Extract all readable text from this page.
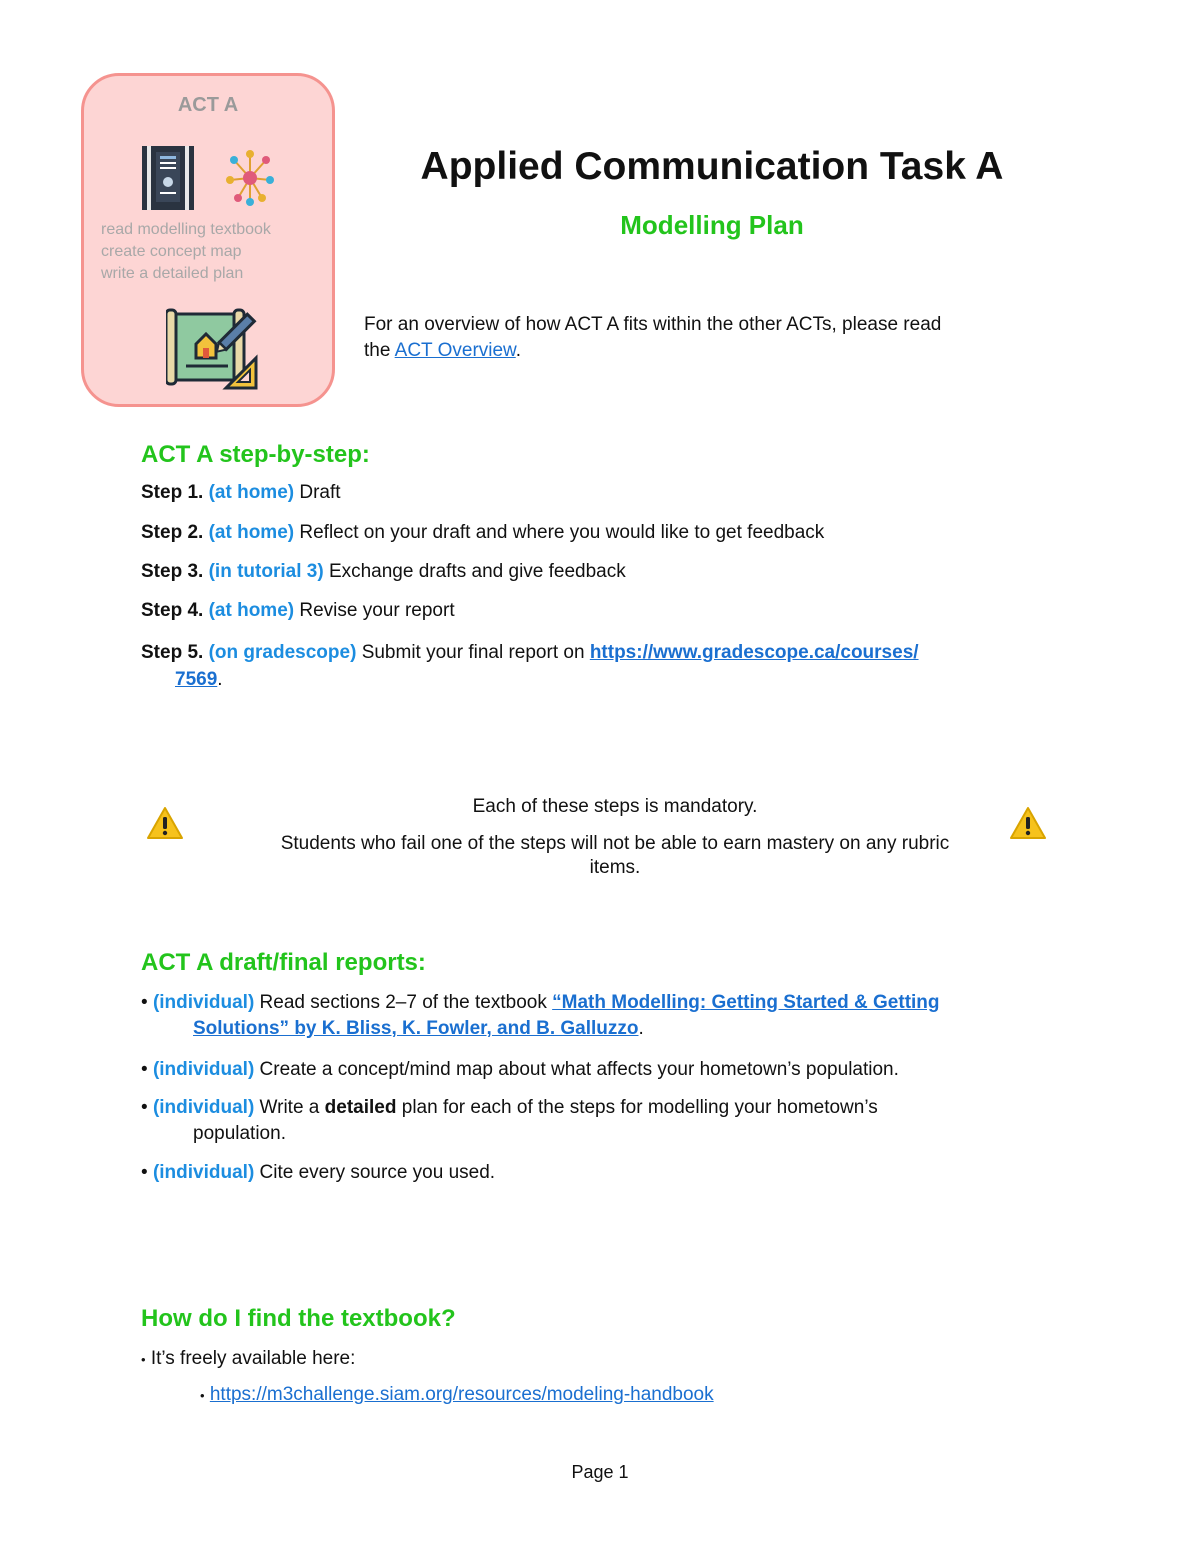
ACT A
read modelling textbook
create concept map
write a detailed plan
Applied Communication Task A
Modelling Plan
For an overview of how ACT A fits within the other ACTs, please read
the ACT Overview.
ACT A step-by-step:
Step 1. (at home) Draft
Step 2. (at home) Reflect on your draft and where you would like to get feedback
Step 3. (in tutorial 3) Exchange drafts and give feedback
Step 4. (at home) Revise your report
Step 5. (on gradescope) Submit your final report on https://www.gradescope.ca/courses/
7569.
Each of these steps is mandatory.
Students who fail one of the steps will not be able to earn mastery on any rubric
items.
ACT A draft/final reports:
• (individual) Read sections 2–7 of the textbook “Math Modelling: Getting Started & Getting
Solutions” by K. Bliss, K. Fowler, and B. Galluzzo.
• (individual) Create a concept/mind map about what affects your hometown’s population.
• (individual) Write a detailed plan for each of the steps for modelling your hometown’s
population.
• (individual) Cite every source you used.
How do I find the textbook?
• It’s freely available here:
• https://m3challenge.siam.org/resources/modeling-handbook
Page 1
